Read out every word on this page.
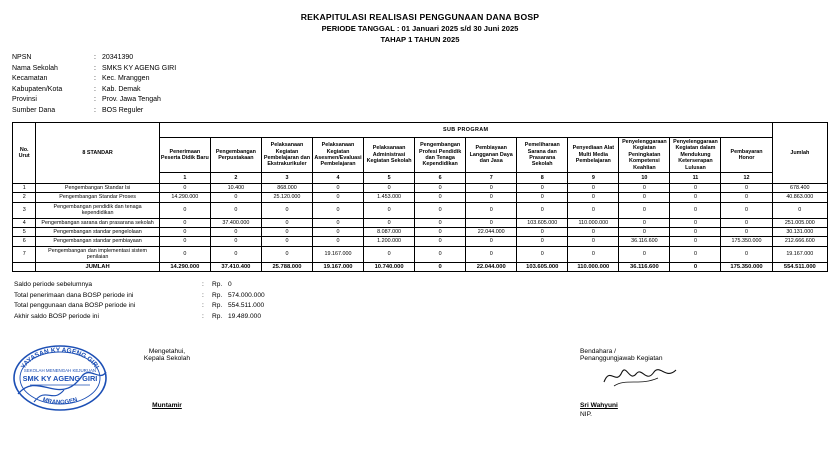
REKAPITULASI REALISASI PENGGUNAAN DANA BOSP
PERIODE TANGGAL : 01 Januari 2025 s/d 30 Juni 2025
TAHAP 1 TAHUN 2025
NPSN	: 20341390
Nama Sekolah	: SMKS KY AGENG GIRI
Kecamatan	: Kec. Mranggen
Kabupaten/Kota	: Kab. Demak
Provinsi	: Prov. Jawa Tengah
Sumber Dana	: BOS Reguler
No.
Urut	8 STANDAR	SUB PROGRAM												Jumlah
		Penerimaan Peserta Didik Baru	Pengembangan Perpustakaan	Pelaksanaan Kegiatan Pembelajaran dan Ekstrakurikuler	Pelaksanaan Kegiatan Asesmen/Evaluasi Pembelajaran	Pelaksanaan Administrasi Kegiatan Sekolah	Pengembangan Profesi Pendidik dan Tenaga Kependidikan	Pembiayaan Langganan Daya dan Jasa	Pemeliharaan Sarana dan Prasarana Sekolah	Penyediaan Alat Multi Media Pembelajaran	Penyelenggaraan Kegiatan Peningkatan Kompetensi Keahlian	Penyelenggaraan Kegiatan dalam Mendukung Keterserapan Lulusan	Pembayaran Honor	
		1	2	3	4	5	6	7	8	9	10	11	12	
1	Pengembangan Standar Isi	0	10.400	868.000	0	0	0	0	0	0	0	0	0	678.400
2	Pengembangan Standar Proses	14.290.000	0	25.120.000	0	1.453.000	0	0	0	0	0	0	0	40.863.000
3	Pengembangan pendidik dan tenaga kependidikan	0	0	0	0	0	0	0	0	0	0	0	0	0
4	Pengembangan sarana dan prasarana sekolah	0	37.400.000	0	0	0	0	0	103.605.000	110.000.000	0	0	0	251.005.000
5	Pengembangan standar pengelolaan	0	0	0	0	8.087.000	0	22.044.000	0	0	0	0	0	30.131.000
6	Pengembangan standar pembiayaan	0	0	0	0	1.200.000	0	0	0	0	36.116.600	0	175.350.000	212.666.600
7	Pengembangan dan implementasi sistem penilaian	0	0	0	19.167.000	0	0	0	0	0	0	0	0	19.167.000
	JUMLAH	14.290.000	37.410.400	25.788.000	19.167.000	10.740.000	0	22.044.000	103.605.000	110.000.000	36.116.600	0	175.350.000	554.511.000
Saldo periode sebelumnya	:	Rp. 0
Total penerimaan dana BOSP periode ini	:	Rp. 574.000.000
Total penggunaan dana BOSP periode ini	:	Rp. 554.511.000
Akhir saldo BOSP periode ini	:	Rp. 19.489.000
Mengetahui,
Kepala Sekolah
Muntamir
Bendahara /
Penanggungjawab Kegiatan
Sri Wahyuni
NIP.
YAYASAN KY AGENG GIRI
MRANGGEN
SEKOLAH MENENGAH KEJURUAN
SMK KY AGENG GIRI
